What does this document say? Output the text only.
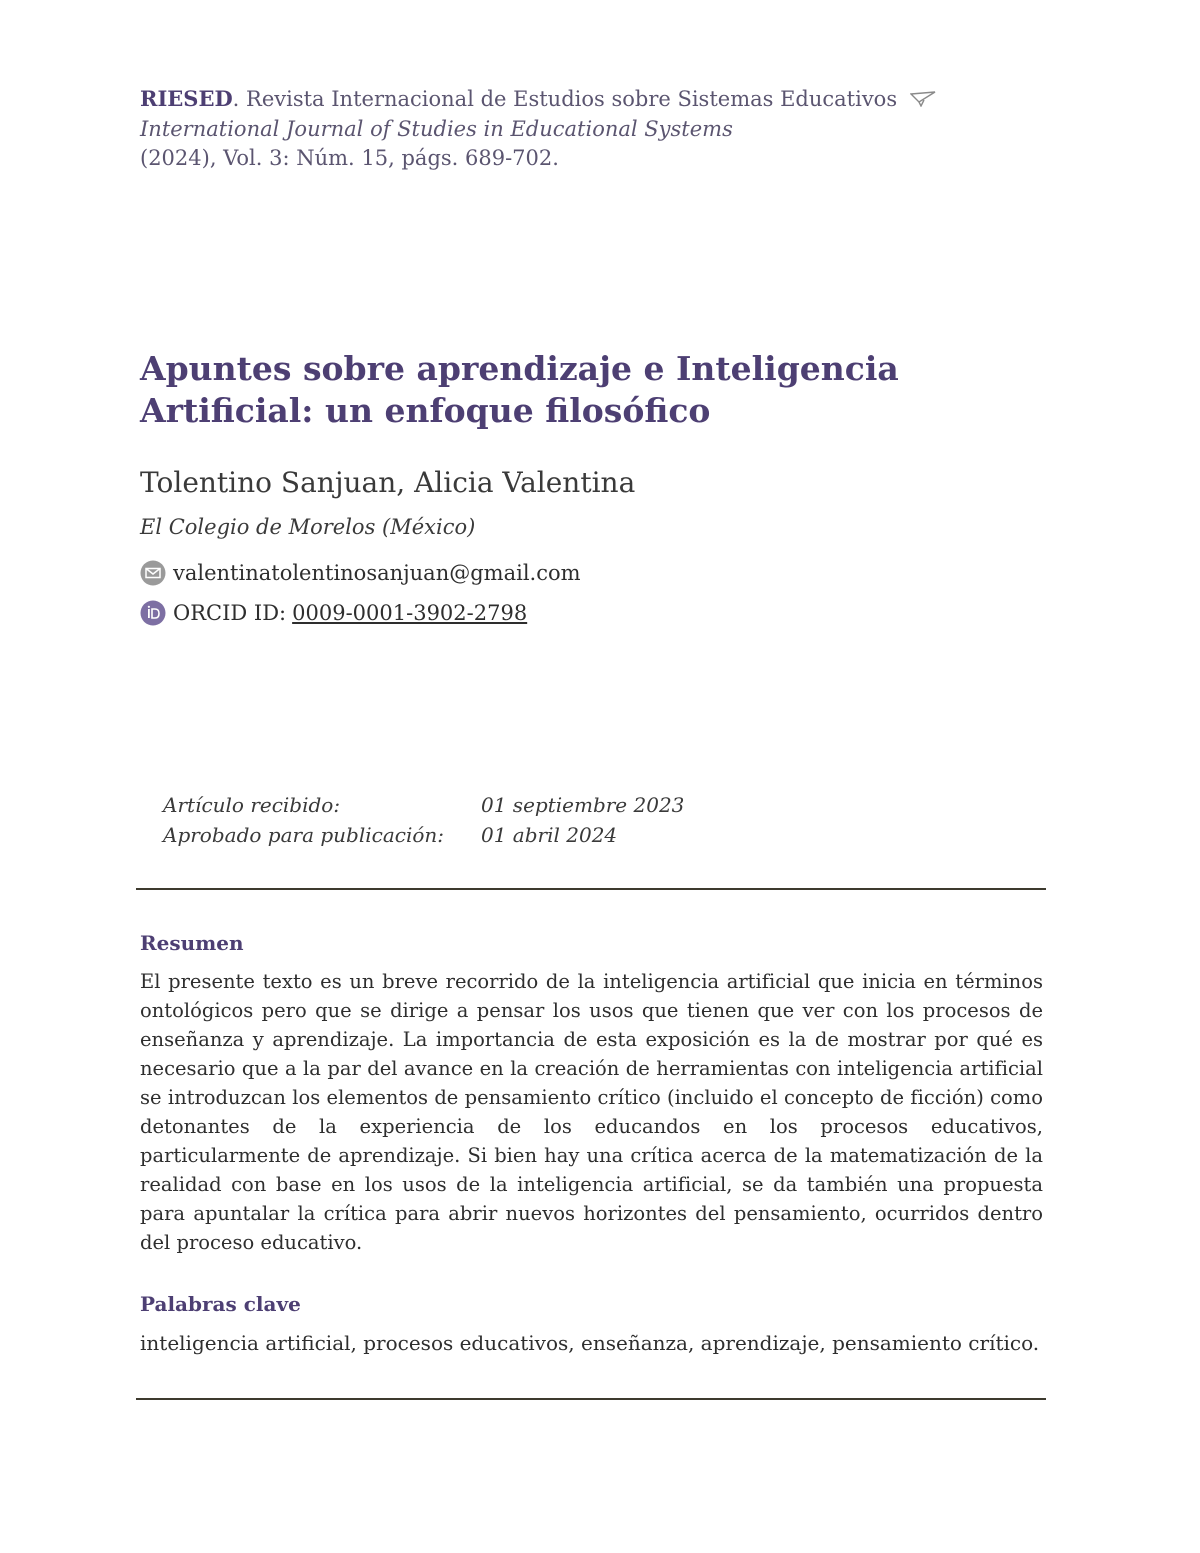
RIESED. Revista Internacional de Estudios sobre Sistemas Educativos
International Journal of Studies in Educational Systems
(2024), Vol. 3: Núm. 15, págs. 689-702.
Apuntes sobre aprendizaje e Inteligencia Artificial: un enfoque filosófico
Tolentino Sanjuan, Alicia Valentina
El Colegio de Morelos (México)
valentinatolentinosanjuan@gmail.com
ORCID ID: 0009-0001-3902-2798
Artículo recibido:	01 septiembre 2023
Aprobado para publicación:	01 abril 2024
Resumen

El presente texto es un breve recorrido de la inteligencia artificial que inicia en términos ontológicos pero que se dirige a pensar los usos que tienen que ver con los procesos de enseñanza y aprendizaje. La importancia de esta exposición es la de mostrar por qué es necesario que a la par del avance en la creación de herramientas con inteligencia artificial se introduzcan los elementos de pensamiento crítico (incluido el concepto de ficción) como detonantes de la experiencia de los educandos en los procesos educativos, particularmente de aprendizaje. Si bien hay una crítica acerca de la matematización de la realidad con base en los usos de la inteligencia artificial, se da también una propuesta para apuntalar la crítica para abrir nuevos horizontes del pensamiento, ocurridos dentro del proceso educativo.

Palabras clave

inteligencia artificial, procesos educativos, enseñanza, aprendizaje, pensamiento crítico.
